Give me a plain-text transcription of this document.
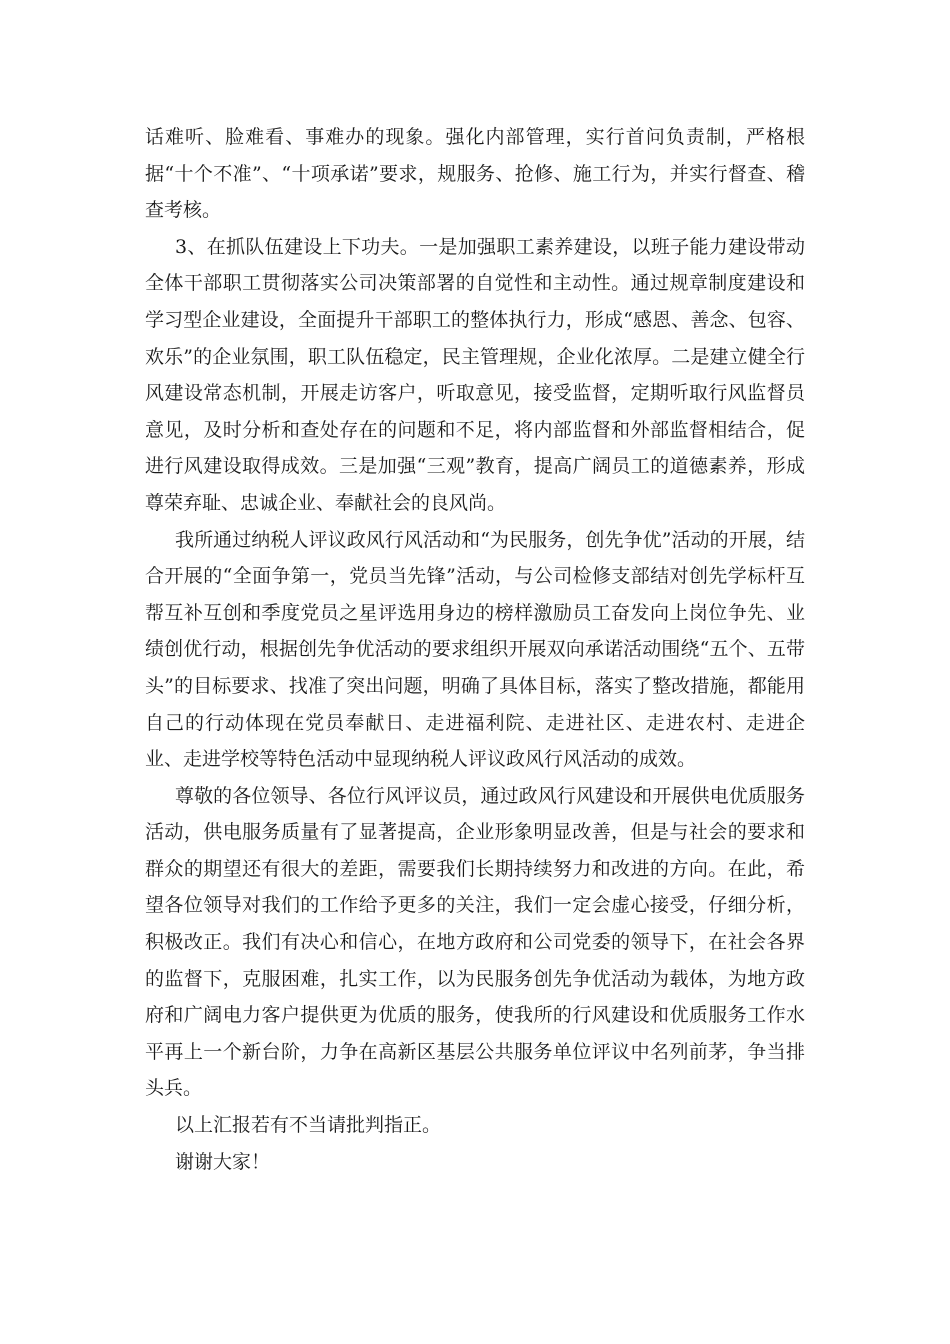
话难听、脸难看、事难办的现象。强化内部管理，实行首问负责制，严格根据“十个不准”、“十项承诺”要求，规服务、抢修、施工行为，并实行督查、稽查考核。

3、在抓队伍建设上下功夫。一是加强职工素养建设，以班子能力建设带动全体干部职工贯彻落实公司决策部署的自觉性和主动性。通过规章制度建设和学习型企业建设，全面提升干部职工的整体执行力，形成“感恩、善念、包容、欢乐”的企业氛围，职工队伍稳定，民主管理规，企业化浓厚。二是建立健全行风建设常态机制，开展走访客户，听取意见，接受监督，定期听取行风监督员意见，及时分析和查处存在的问题和不足，将内部监督和外部监督相结合，促进行风建设取得成效。三是加强“三观”教育，提高广阔员工的道德素养，形成尊荣弃耻、忠诚企业、奉献社会的良风尚。

我所通过纳税人评议政风行风活动和“为民服务，创先争优”活动的开展，结合开展的“全面争第一，党员当先锋”活动，与公司检修支部结对创先学标杆互帮互补互创和季度党员之星评选用身边的榜样激励员工奋发向上岗位争先、业绩创优行动，根据创先争优活动的要求组织开展双向承诺活动围绕“五个、五带头”的目标要求、找准了突出问题，明确了具体目标，落实了整改措施，都能用自己的行动体现在党员奉献日、走进福利院、走进社区、走进农村、走进企业、走进学校等特色活动中显现纳税人评议政风行风活动的成效。

尊敬的各位领导、各位行风评议员，通过政风行风建设和开展供电优质服务活动，供电服务质量有了显著提高，企业形象明显改善，但是与社会的要求和群众的期望还有很大的差距，需要我们长期持续努力和改进的方向。在此，希望各位领导对我们的工作给予更多的关注，我们一定会虚心接受，仔细分析，积极改正。我们有决心和信心，在地方政府和公司党委的领导下，在社会各界的监督下，克服困难，扎实工作，以为民服务创先争优活动为载体，为地方政府和广阔电力客户提供更为优质的服务，使我所的行风建设和优质服务工作水平再上一个新台阶，力争在高新区基层公共服务单位评议中名列前茅，争当排头兵。

以上汇报若有不当请批判指正。

谢谢大家！
